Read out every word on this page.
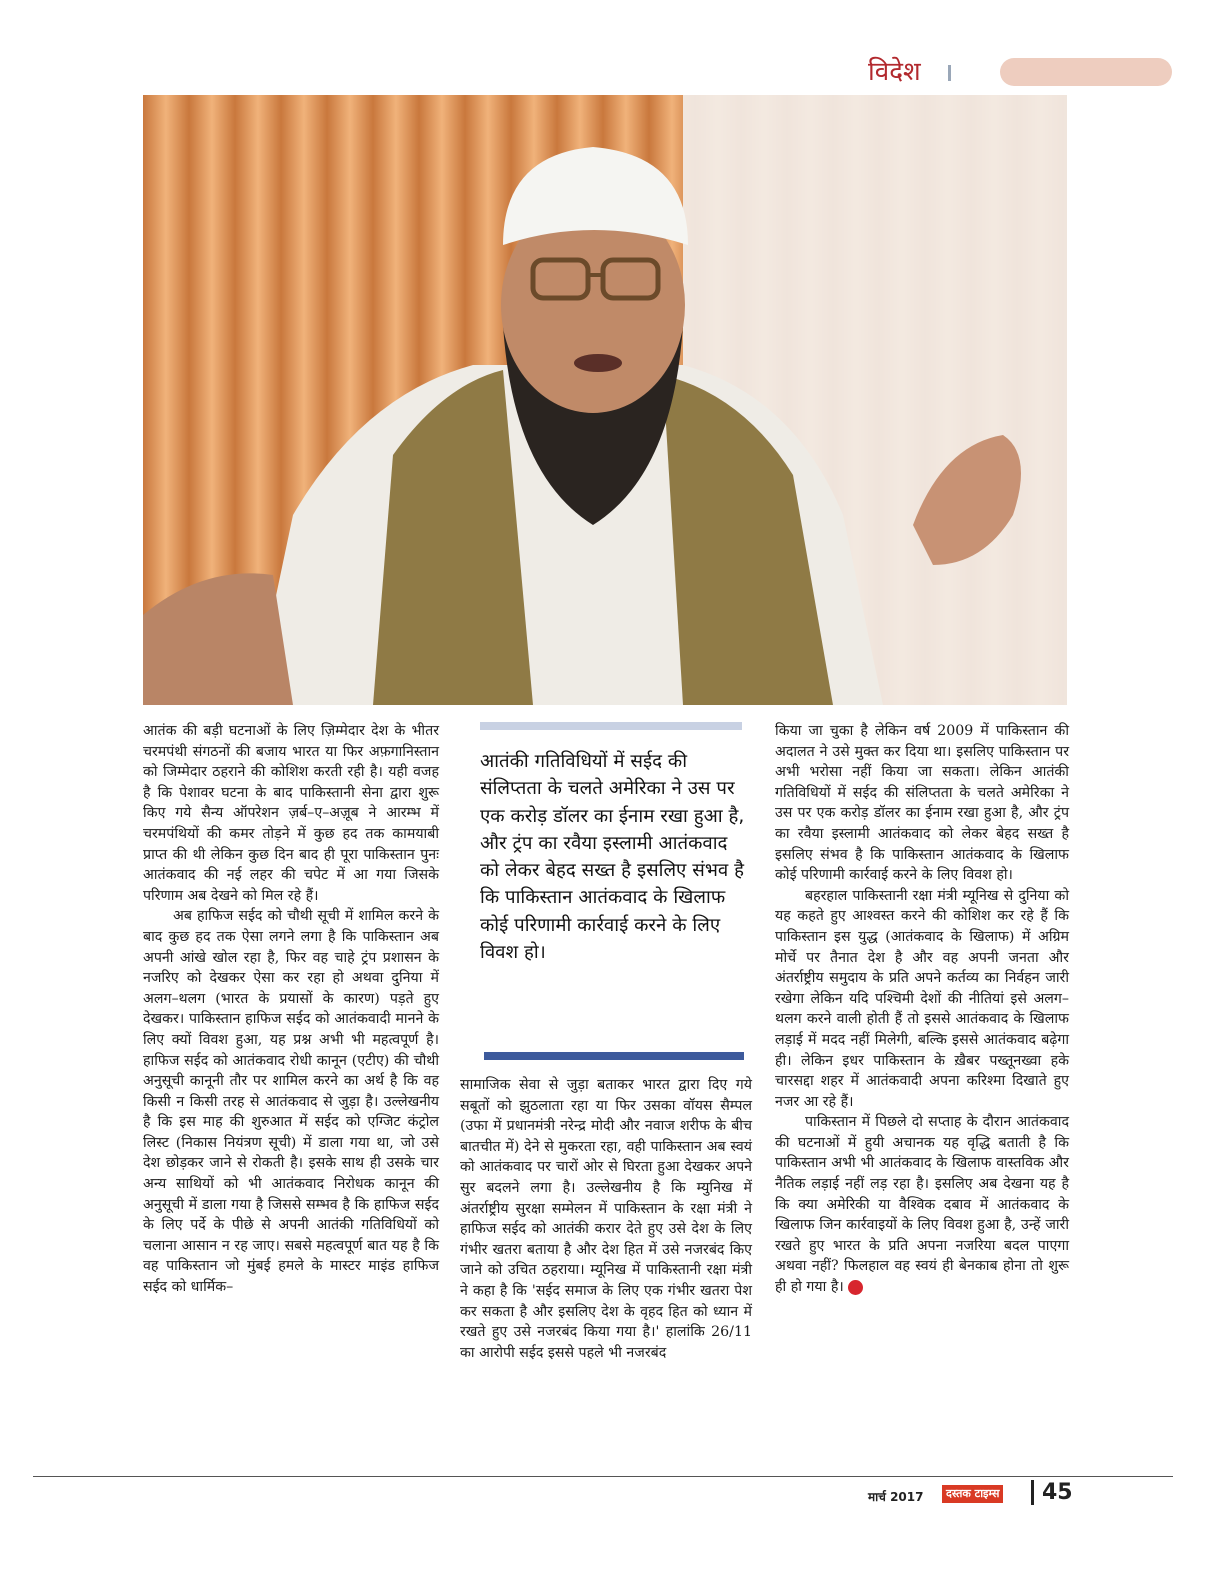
विदेश

आतंक की बड़ी घटनाओं के लिए ज़िम्मेदार देश के भीतर चरमपंथी संगठनों की बजाय भारत या फिर अफ़गानिस्तान को जिम्मेदार ठहराने की कोशिश करती रही है। यही वजह है कि पेशावर घटना के बाद पाकिस्तानी सेना द्वारा शुरू किए गये सैन्य ऑपरेशन ज़र्ब–ए–अज़ूब ने आरम्भ में चरमपंथियों की कमर तोड़ने में कुछ हद तक कामयाबी प्राप्त की थी लेकिन कुछ दिन बाद ही पूरा पाकिस्तान पुनः आतंकवाद की नई लहर की चपेट में आ गया जिसके परिणाम अब देखने को मिल रहे हैं।

अब हाफिज सईद को चौथी सूची में शामिल करने के बाद कुछ हद तक ऐसा लगने लगा है कि पाकिस्तान अब अपनी आंखे खोल रहा है, फिर वह चाहे ट्रंप प्रशासन के नजरिए को देखकर ऐसा कर रहा हो अथवा दुनिया में अलग–थलग (भारत के प्रयासों के कारण) पड़ते हुए देखकर। पाकिस्तान हाफिज सईद को आतंकवादी मानने के लिए क्यों विवश हुआ, यह प्रश्न अभी भी महत्वपूर्ण है। हाफिज सईद को आतंकवाद रोधी कानून (एटीए) की चौथी अनुसूची कानूनी तौर पर शामिल करने का अर्थ है कि वह किसी न किसी तरह से आतंकवाद से जुड़ा है। उल्लेखनीय है कि इस माह की शुरुआत में सईद को एग्जिट कंट्रोल लिस्ट (निकास नियंत्रण सूची) में डाला गया था, जो उसे देश छोड़कर जाने से रोकती है। इसके साथ ही उसके चार अन्य साथियों को भी आतंकवाद निरोधक कानून की अनुसूची में डाला गया है जिससे सम्भव है कि हाफिज सईद के लिए पर्दे के पीछे से अपनी आतंकी गतिविधियों को चलाना आसान न रह जाए। सबसे महत्वपूर्ण बात यह है कि वह पाकिस्तान जो मुंबई हमले के मास्टर माइंड हाफिज सईद को धार्मिक–

आतंकी गतिविधियों में सईद की संलिप्तता के चलते अमेरिका ने उस पर एक करोड़ डॉलर का ईनाम रखा हुआ है, और ट्रंप का रवैया इस्लामी आतंकवाद को लेकर बेहद सख्त है इसलिए संभव है कि पाकिस्तान आतंकवाद के खिलाफ कोई परिणामी कार्रवाई करने के लिए विवश हो।

सामाजिक सेवा से जुड़ा बताकर भारत द्वारा दिए गये सबूतों को झुठलाता रहा या फिर उसका वॉयस सैम्पल (उफा में प्रधानमंत्री नरेन्द्र मोदी और नवाज शरीफ के बीच बातचीत में) देने से मुकरता रहा, वही पाकिस्तान अब स्वयं को आतंकवाद पर चारों ओर से घिरता हुआ देखकर अपने सुर बदलने लगा है। उल्लेखनीय है कि म्युनिख में अंतर्राष्ट्रीय सुरक्षा सम्मेलन में पाकिस्तान के रक्षा मंत्री ने हाफिज सईद को आतंकी करार देते हुए उसे देश के लिए गंभीर खतरा बताया है और देश हित में उसे नजरबंद किए जाने को उचित ठहराया। म्यूनिख में पाकिस्तानी रक्षा मंत्री ने कहा है कि 'सईद समाज के लिए एक गंभीर खतरा पेश कर सकता है और इसलिए देश के वृहद हित को ध्यान में रखते हुए उसे नजरबंद किया गया है।' हालांकि 26/11 का आरोपी सईद इससे पहले भी नजरबंद

किया जा चुका है लेकिन वर्ष 2009 में पाकिस्तान की अदालत ने उसे मुक्त कर दिया था। इसलिए पाकिस्तान पर अभी भरोसा नहीं किया जा सकता। लेकिन आतंकी गतिविधियों में सईद की संलिप्तता के चलते अमेरिका ने उस पर एक करोड़ डॉलर का ईनाम रखा हुआ है, और ट्रंप का रवैया इस्लामी आतंकवाद को लेकर बेहद सख्त है इसलिए संभव है कि पाकिस्तान आतंकवाद के खिलाफ कोई परिणामी कार्रवाई करने के लिए विवश हो।

बहरहाल पाकिस्तानी रक्षा मंत्री म्यूनिख से दुनिया को यह कहते हुए आश्वस्त करने की कोशिश कर रहे हैं कि पाकिस्तान इस युद्ध (आतंकवाद के खिलाफ) में अग्रिम मोर्चे पर तैनात देश है और वह अपनी जनता और अंतर्राष्ट्रीय समुदाय के प्रति अपने कर्तव्य का निर्वहन जारी रखेगा लेकिन यदि पश्चिमी देशों की नीतियां इसे अलग–थलग करने वाली होती हैं तो इससे आतंकवाद के खिलाफ लड़ाई में मदद नहीं मिलेगी, बल्कि इससे आतंकवाद बढ़ेगा ही। लेकिन इधर पाकिस्तान के ख़ैबर पख्तूनख्वा हके चारसद्दा शहर में आतंकवादी अपना करिश्मा दिखाते हुए नजर आ रहे हैं।

पाकिस्तान में पिछले दो सप्ताह के दौरान आतंकवाद की घटनाओं में हुयी अचानक यह वृद्धि बताती है कि पाकिस्तान अभी भी आतंकवाद के खिलाफ वास्तविक और नैतिक लड़ाई नहीं लड़ रहा है। इसलिए अब देखना यह है कि क्या अमेरिकी या वैश्विक दबाव में आतंकवाद के खिलाफ जिन कार्रवाइयों के लिए विवश हुआ है, उन्हें जारी रखते हुए भारत के प्रति अपना नजरिया बदल पाएगा अथवा नहीं? फिलहाल वह स्वयं ही बेनकाब होना तो शुरू ही हो गया है।

मार्च 2017	दस्तक टाइम्स 45
